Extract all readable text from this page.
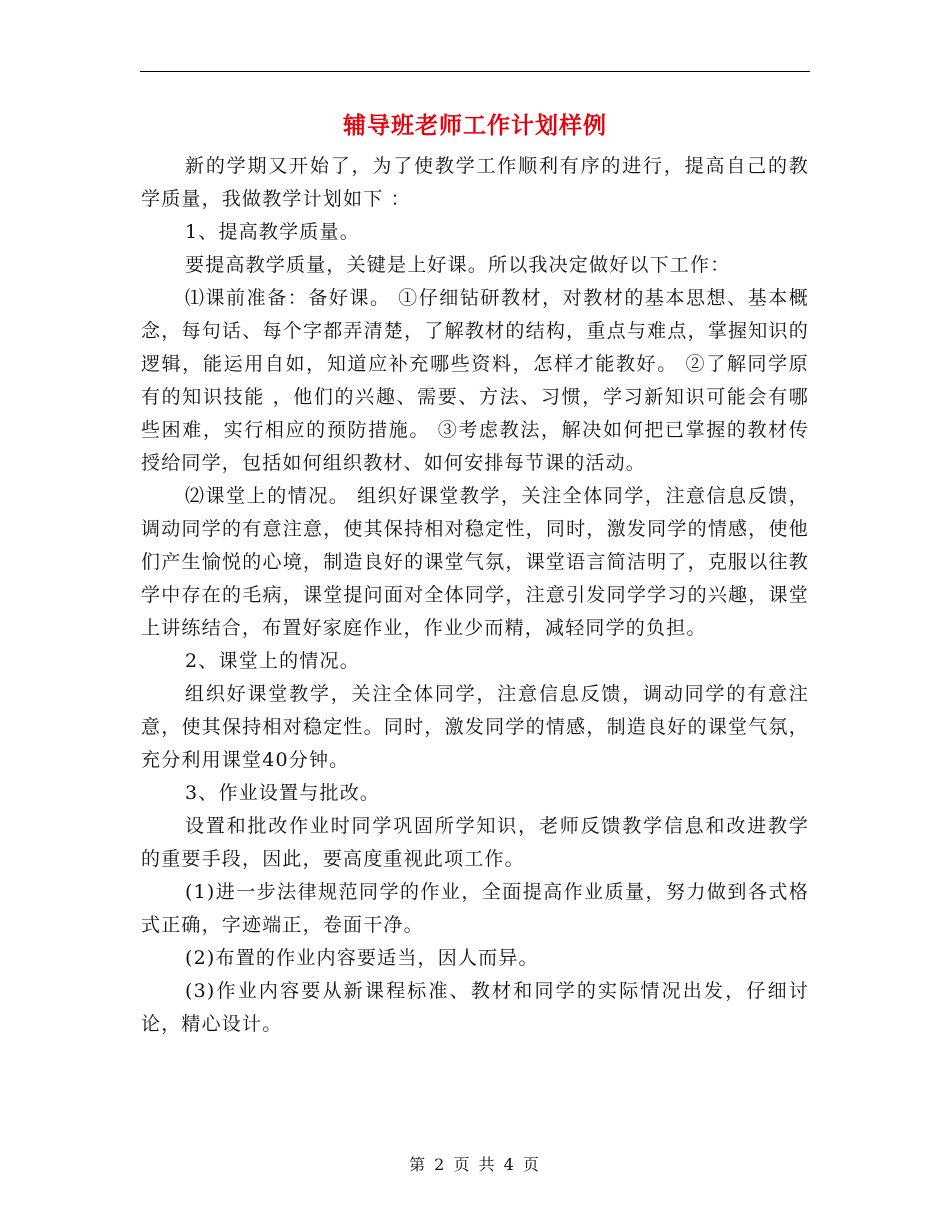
辅导班老师工作计划样例

新的学期又开始了，为了使教学工作顺利有序的进行，提高自己的教学质量，我做教学计划如下 ：

1、提高教学质量。

要提高教学质量，关键是上好课。所以我决定做好以下工作：

⑴课前准备：备好课。 ①仔细钻研教材，对教材的基本思想、基本概念，每句话、每个字都弄清楚，了解教材的结构，重点与难点，掌握知识的逻辑，能运用自如，知道应补充哪些资料，怎样才能教好。 ②了解同学原有的知识技能 ，他们的兴趣、需要、方法、习惯，学习新知识可能会有哪些困难，实行相应的预防措施。 ③考虑教法，解决如何把已掌握的教材传授给同学，包括如何组织教材、如何安排每节课的活动。

⑵课堂上的情况。 组织好课堂教学，关注全体同学，注意信息反馈，调动同学的有意注意，使其保持相对稳定性，同时，激发同学的情感，使他们产生愉悦的心境，制造良好的课堂气氛，课堂语言简洁明了，克服以往教学中存在的毛病，课堂提问面对全体同学，注意引发同学学习的兴趣，课堂上讲练结合，布置好家庭作业，作业少而精，减轻同学的负担。

2、课堂上的情况。

组织好课堂教学，关注全体同学，注意信息反馈，调动同学的有意注意，使其保持相对稳定性。同时，激发同学的情感，制造良好的课堂气氛，充分利用课堂40分钟。

3、作业设置与批改。

设置和批改作业时同学巩固所学知识，老师反馈教学信息和改进教学的重要手段，因此，要高度重视此项工作。

(1)进一步法律规范同学的作业，全面提高作业质量，努力做到各式格式正确，字迹端正，卷面干净。

(2)布置的作业内容要适当，因人而异。

(3)作业内容要从新课程标准、教材和同学的实际情况出发，仔细讨论，精心设计。

第 2 页 共 4 页
